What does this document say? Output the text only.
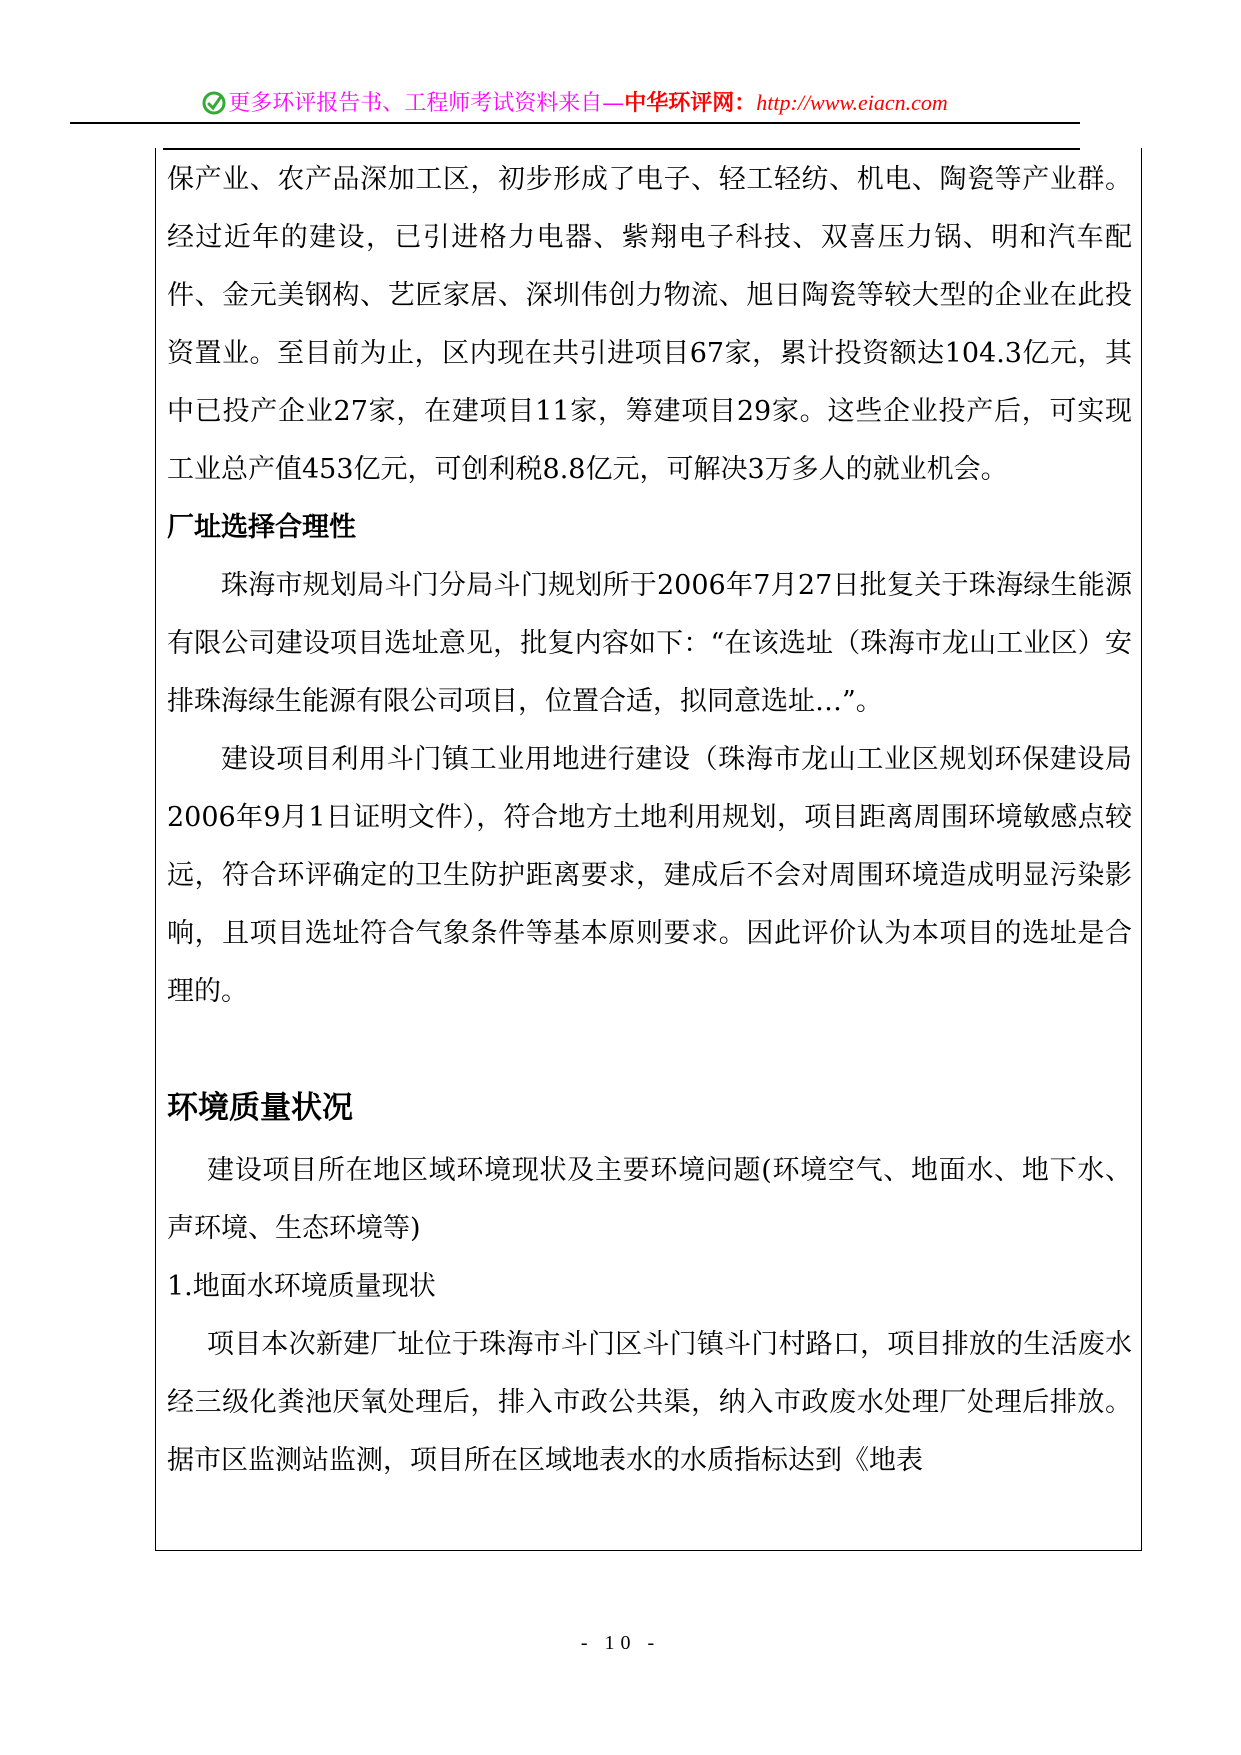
更多环评报告书、工程师考试资料来自—中华环评网：http://www.eiacn.com

保产业、农产品深加工区，初步形成了电子、轻工轻纺、机电、陶瓷等产业群。经过近年的建设，已引进格力电器、紫翔电子科技、双喜压力锅、明和汽车配件、金元美钢构、艺匠家居、深圳伟创力物流、旭日陶瓷等较大型的企业在此投资置业。至目前为止，区内现在共引进项目67家，累计投资额达104.3亿元，其中已投产企业27家，在建项目11家，筹建项目29家。这些企业投产后，可实现工业总产值453亿元，可创利税8.8亿元，可解决3万多人的就业机会。

厂址选择合理性

珠海市规划局斗门分局斗门规划所于2006年7月27日批复关于珠海绿生能源有限公司建设项目选址意见，批复内容如下：“在该选址（珠海市龙山工业区）安排珠海绿生能源有限公司项目，位置合适，拟同意选址…”。

建设项目利用斗门镇工业用地进行建设（珠海市龙山工业区规划环保建设局2006年9月1日证明文件），符合地方土地利用规划，项目距离周围环境敏感点较远，符合环评确定的卫生防护距离要求，建成后不会对周围环境造成明显污染影响，且项目选址符合气象条件等基本原则要求。因此评价认为本项目的选址是合理的。

环境质量状况

建设项目所在地区域环境现状及主要环境问题(环境空气、地面水、地下水、声环境、生态环境等)

1.地面水环境质量现状

项目本次新建厂址位于珠海市斗门区斗门镇斗门村路口，项目排放的生活废水经三级化粪池厌氧处理后，排入市政公共渠，纳入市政废水处理厂处理后排放。据市区监测站监测，项目所在区域地表水的水质指标达到《地表

- 10 -
